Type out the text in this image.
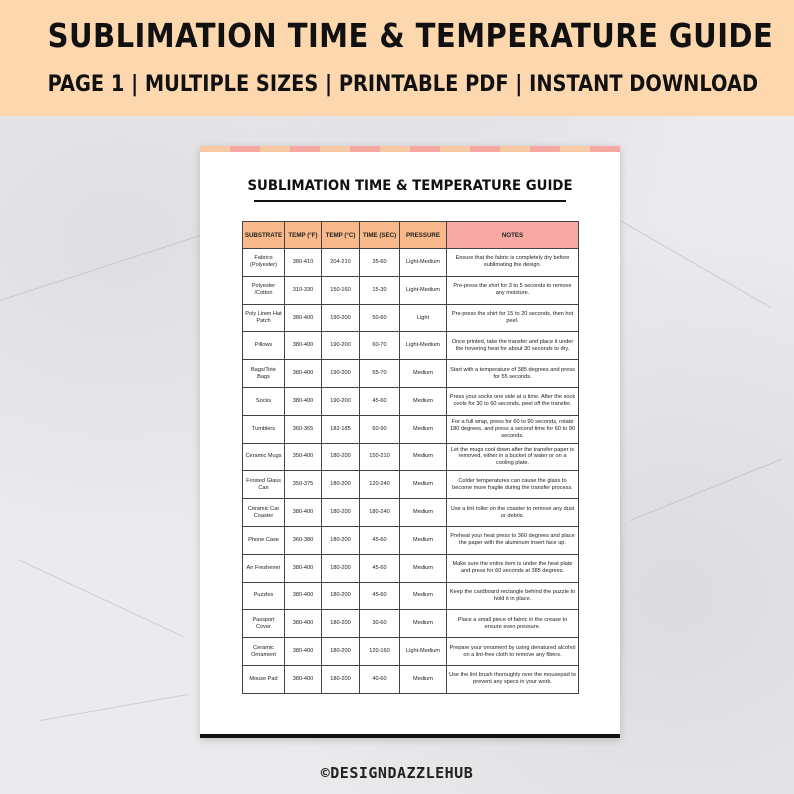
SUBLIMATION TIME & TEMPERATURE GUIDE
PAGE 1 | MULTIPLE SIZES | PRINTABLE PDF | INSTANT DOWNLOAD
SUBLIMATION TIME & TEMPERATURE GUIDE
SUBSTRATE	TEMP (°F)	TEMP (°C)	TIME (SEC)	PRESSURE	NOTES
Fabrics (Polyester)	380-410	204-210	35-60	Light-Medium	Ensure that the fabric is completely dry before sublimating the design.
Polyester /Cotton	310-330	150-160	15-30	Light-Medium	Pre-press the shirt for 3 to 5 seconds to remove any moisture.
Poly Linen Hat Patch	380-400	190-200	50-60	Light	Pre-press the shirt for 15 to 20 seconds, then hot peel.
Pillows	380-400	190-200	60-70	Light-Medium	Once printed, take the transfer and place it under the hovering heat for about 30 seconds to dry.
Bags/Tote Bags	380-400	190-200	55-70	Medium	Start with a temperature of 385 degrees and press for 55 seconds.
Socks	380-400	190-200	45-60	Medium	Press your socks one side at a time. After the sock cools for 30 to 60 seconds, peel off the transfer.
Tumblers	360-365	182-185	60-90	Medium	For a full wrap, press for 60 to 90 seconds, rotate 180 degrees, and press a second time for 60 to 90 seconds.
Ceramic Mugs	350-400	180-200	150-210	Medium	Let the mugs cool down after the transfer paper is removed, either in a bucket of water or on a cooling plate.
Frosted Glass Can	350-375	180-200	120-240	Medium	Colder temperatures can cause the glass to become more fragile during the transfer process.
Ceramic Car Coaster	380-400	180-200	180-240	Medium	Use a lint roller on the coaster to remove any dust or debris.
Phone Case	360-380	180-200	45-60	Medium	Preheat your heat press to 360 degrees and place the paper with the aluminum insert face up.
Air Freshener	380-400	180-200	45-60	Medium	Make sure the entire item is under the heat plate and press for 60 seconds at 385 degrees.
Puzzles	380-400	180-200	45-60	Medium	Keep the cardboard rectangle behind the puzzle to hold it in place.
Passport Cover	380-400	180-200	30-60	Medium	Place a small piece of fabric in the crease to ensure even pressure.
Ceramic Ornament	380-400	180-200	120-160	Light-Medium	Prepare your ornament by using denatured alcohol on a lint-free cloth to remove any fibers.
Mouse Pad	380-400	180-200	40-60	Medium	Use the lint brush thoroughly over the mousepad to prevent any specs in your work.
©DESIGNDAZZLEHUB
